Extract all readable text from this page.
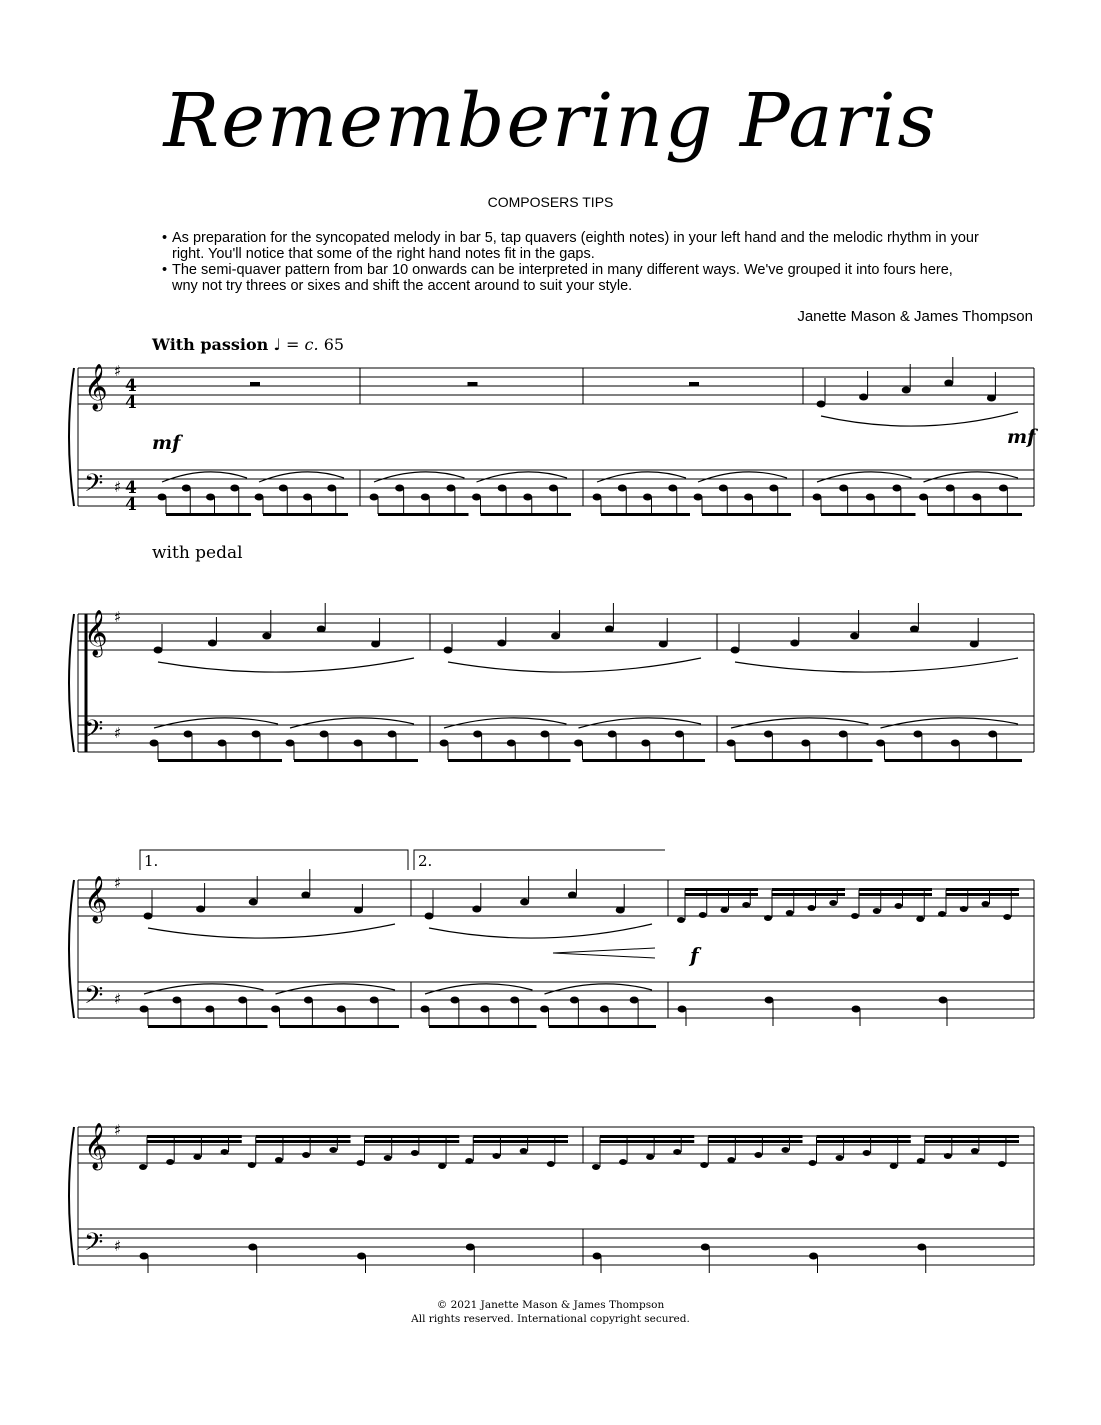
Remembering Paris
COMPOSERS TIPS

• As preparation for the syncopated melody in bar 5, tap quavers (eighth notes) in your left hand and the melodic rhythm in your right. You'll notice that some of the right hand notes fit in the gaps.

• The semi-quaver pattern from bar 10 onwards can be interpreted in many different ways. We've grouped it into fours here, wny not try threes or sixes and shift the accent around to suit your style.

Janette Mason & James Thompson
With passion ♩ = c. 65
with pedal
𝄞
𝄢
♯
♯
𝄞
𝄢
♯
♯
𝄞
𝄢
♯
♯
𝄞
𝄢
♯
♯
4
4
4
4
mf	mf
1.	2.
f
© 2021 Janette Mason & James Thompson
All rights reserved. International copyright secured.
